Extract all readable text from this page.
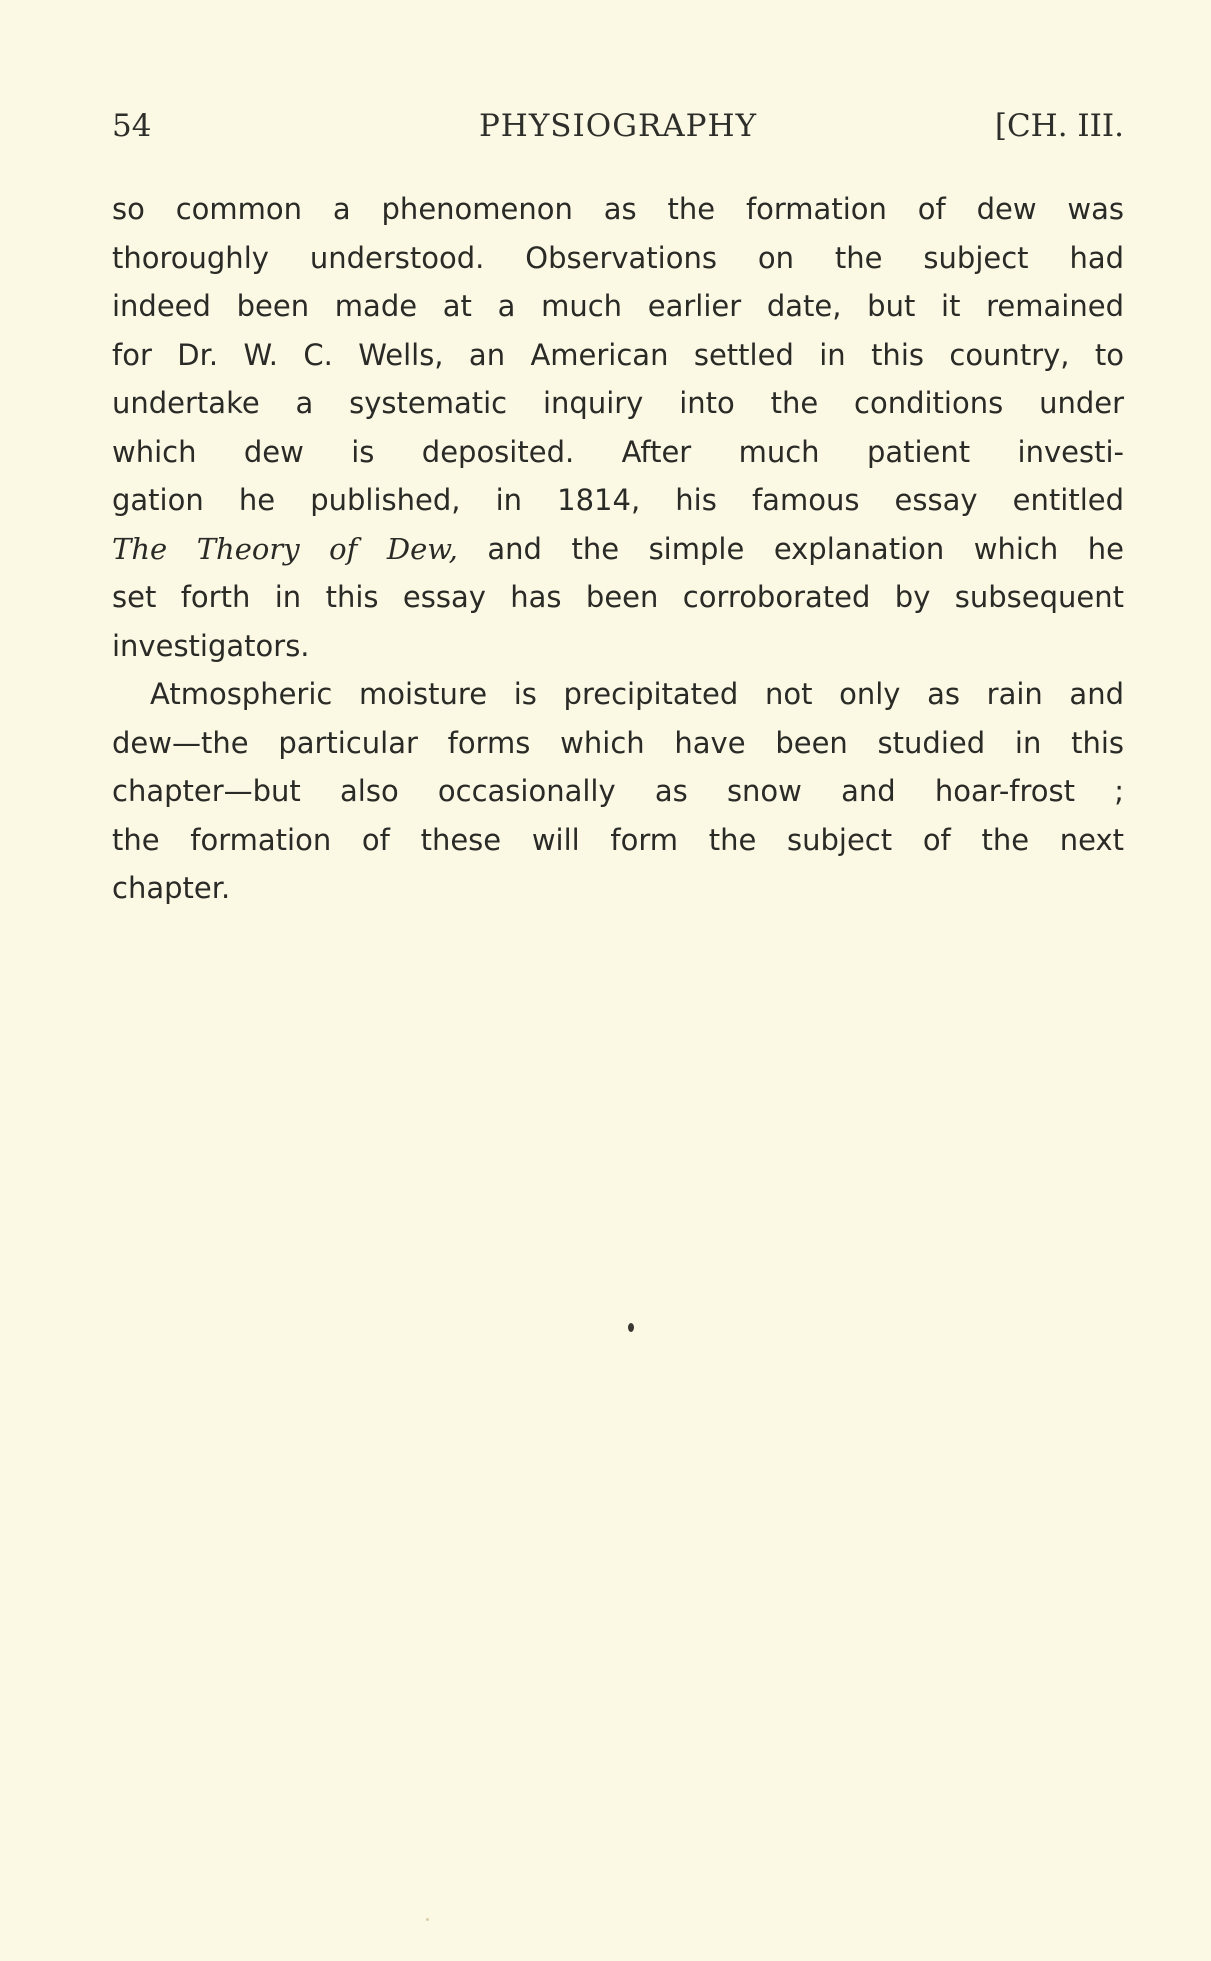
54	PHYSIOGRAPHY	[CH. III.
so common a phenomenon as the formation of dew was
thoroughly understood. Observations on the subject had
indeed been made at a much earlier date, but it remained
for Dr. W. C. Wells, an American settled in this country, to
undertake a systematic inquiry into the conditions under
which dew is deposited. After much patient investi-
gation he published, in 1814, his famous essay entitled
The Theory of Dew, and the simple explanation which he
set forth in this essay has been corroborated by subsequent
investigators.
Atmospheric moisture is precipitated not only as rain and
dew—the particular forms which have been studied in this
chapter—but also occasionally as snow and hoar-frost ;
the formation of these will form the subject of the next
chapter.
